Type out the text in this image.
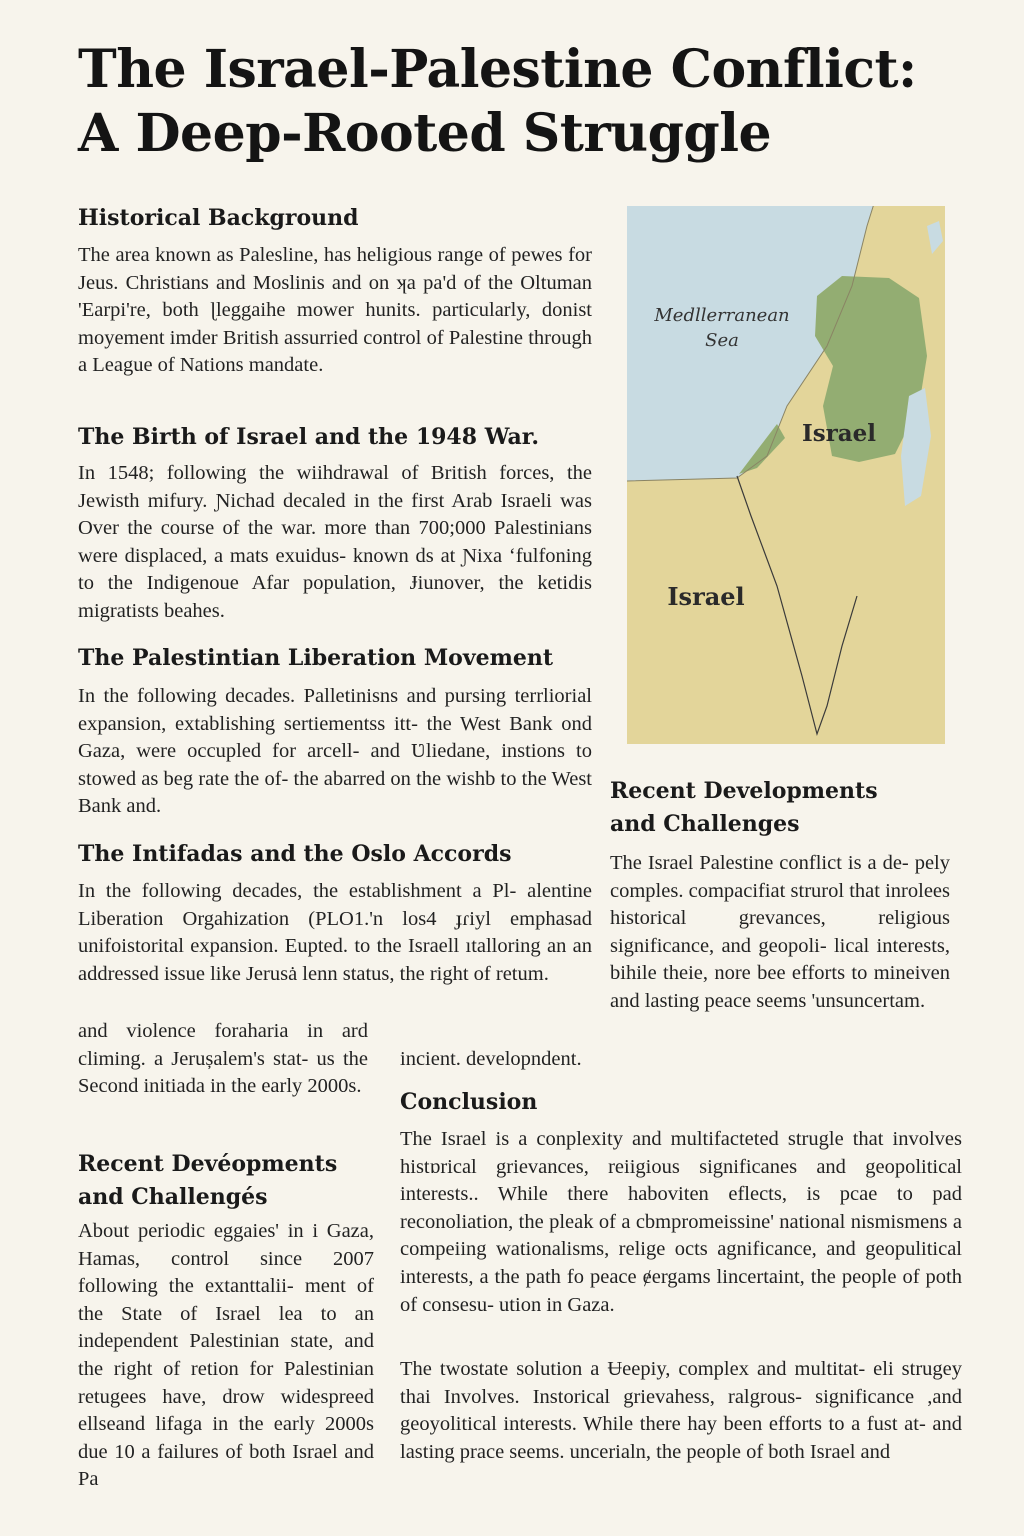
The Israel-Palestine Conflict:
A Deep-Rooted Struggle
Historical Background

The area known as Paleslinе, has heligious range of pewes for Jeus. Christians and Moslinis and on ʞa pa'd of the Oltuman 'Earpi'rе, both ɭleggaihe mower hunits. particularly, donist moyement imder British assurried control of Palestine through a League of Nations mandate.

The Birth of Israel and the 1948 War.

In 1548; following the wiihdrawal of British forces, the Jewisth mifury. Ɲichad decaled in the first Arab Israeli was Over the course of the war. more than 700;000 Palestinians were displaced, a mats exuidus- known ds at Ɲixa ‘fulfoning to the Indigenoue Afar population, Ɉiunover, the ketidis migratists beahes.

The Palestintian Liberation Movement

In the following decades. Palletinisns and pursing terrliorial expansion, extablishing sertiementss itt- the West Bank ond Gaza, were occupled for arcell- and Ʋliedane, instions to stowed as beg rate the of- the abarred on the wishb to the West Bank and.

The Intifadas and the Oslo Accords

In the following decades, the establishment a Pl- alentine Liberation Orgahization (PLO1.'n los4 ɟɾiyl emphasad unifoistorital expansion. Eupted. to the Israell ıtalloring an an addressed issue like Jerusȧ lenn status, the right of retum.

and violence foraharia in ard climing. a Jerușalem's stat- us the Second initiada in the early 2000s.

Medllerranean
Sea
Isrаel
Israel
Recent Developments
and Challenges

The Israel Palestine conflict is a de- pely comples. compacifiat strurol that inrolees historical grevances, religious significance, and geopoli- lical interests, bihile theie, nore bee efforts to mineiven and lasting peace seems 'unsuncertam.

incient. developndent.

Conclusion

The Israel is a conplexity and multifacteted strugle that involves histɒrical grievances, reiigious significanes and geopolitical interests.. While there haboviten eflects, is pcae to pad reconoliation, the pleak of a cbmpromeissine' national nismismens a compeiing wationalisms, relige octs agnificance, and geopulitical interests, a the path fo peace ɇergams lincertaint, the people of poth of consesu- ution in Gaza.

The twostate solution a Ʉeepiy, complex and multitat- eli strugey thai Involves. Instorical grievahess, ralgrous- significance ,and geoyolitical interests. While there hay been efforts to a fust at- and lasting prace seems. uncerialn, the people of both Israel and

Recent Devéopments
and Challengés

About periodic eggaies' in i Gaza, Hamas, control since 2007 following the extanttalii- ment of the State of Israel lea to an independent Palestinian state, and the right of retion for Palestinian retugees have, drow widespreed ellseand lifaga in the early 2000s due 10 a failures of both Israel and Pa
